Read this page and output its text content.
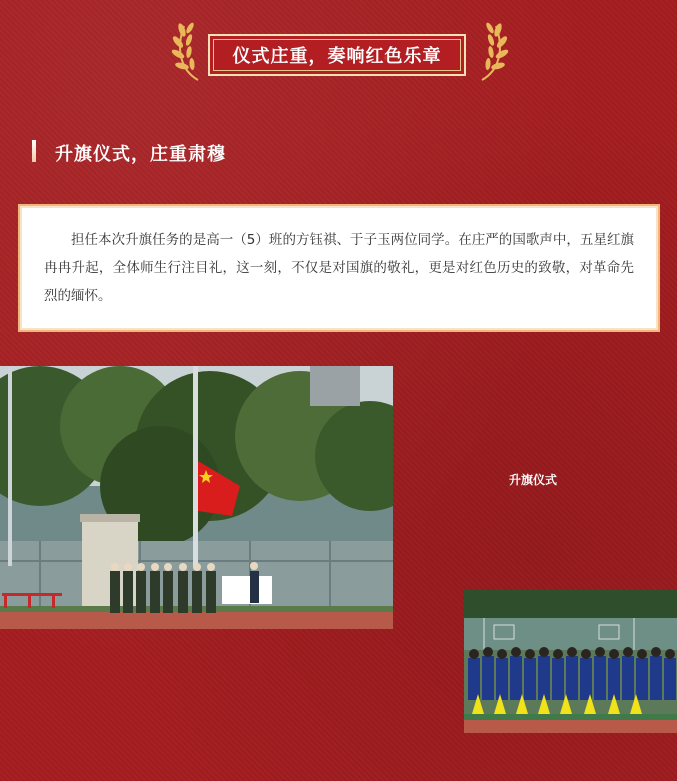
仪式庄重，奏响红色乐章
升旗仪式，庄重肃穆

担任本次升旗任务的是高一（5）班的方钰祺、于子玉两位同学。在庄严的国歌声中，五星红旗冉冉升起，全体师生行注目礼，这一刻，不仅是对国旗的敬礼，更是对红色历史的致敬，对革命先烈的缅怀。

升旗仪式
